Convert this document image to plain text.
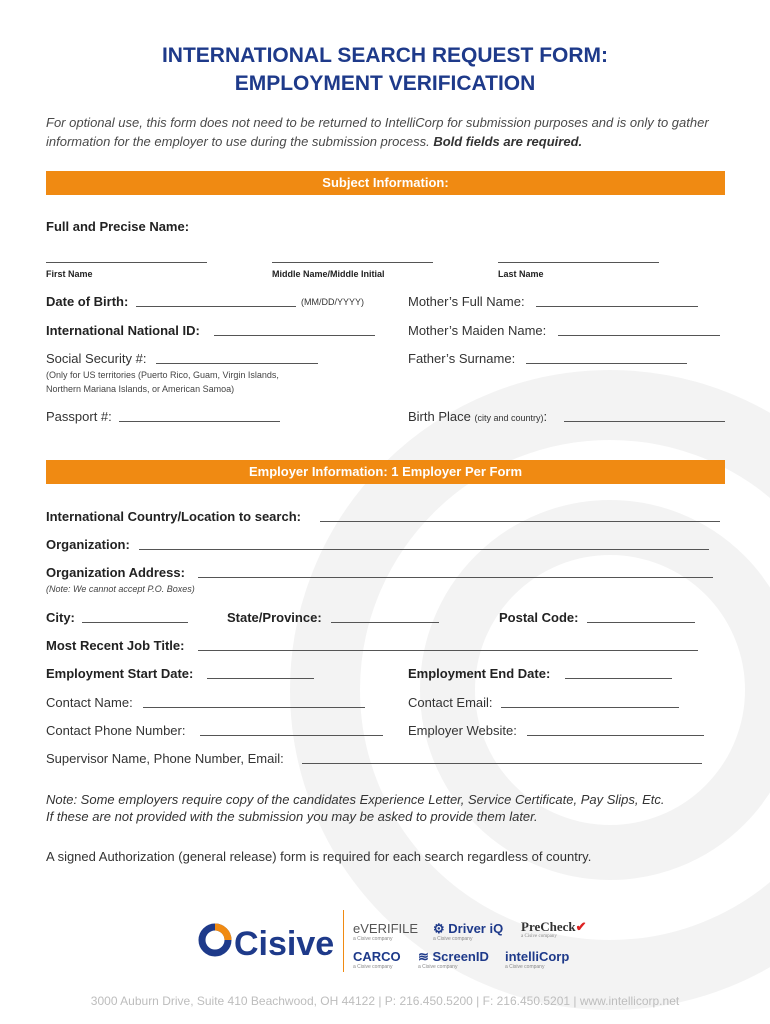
INTERNATIONAL SEARCH REQUEST FORM:
EMPLOYMENT VERIFICATION
For optional use, this form does not need to be returned to IntelliCorp for submission purposes and is only to gather information for the employer to use during the submission process. Bold fields are required.
Subject Information:
Full and Precise Name:
First Name	Middle Name/Middle Initial	Last Name
Date of Birth:	(MM/DD/YYYY)	Mother’s Full Name:
International National ID:	Mother’s Maiden Name:
Social Security #:	Father’s Surname:
(Only for US territories (Puerto Rico, Guam, Virgin Islands,
Northern Mariana Islands, or American Samoa)
Passport #:	Birth Place (city and country):
Employer Information: 1 Employer Per Form
International Country/Location to search:
Organization:
Organization Address:
(Note: We cannot accept P.O. Boxes)
City:	State/Province:	Postal Code:
Most Recent Job Title:
Employment Start Date:	Employment End Date:
Contact Name:	Contact Email:
Contact Phone Number:	Employer Website:
Supervisor Name, Phone Number, Email:
Note: Some employers require copy of the candidates Experience Letter, Service Certificate, Pay Slips, Etc.
If these are not provided with the submission you may be asked to provide them later.
A signed Authorization (general release) form is required for each search regardless of country.
Cisive eVERIFILE
a Cisive company
⚙ Driver iQ
a Cisive company
PreCheck✔
a Cisive company
CARCO
a Cisive company
≋ ScreenID
a Cisive company
intelliCorp
a Cisive company
3000 Auburn Drive, Suite 410 Beachwood, OH 44122 | P: 216.450.5200 | F: 216.450.5201 | www.intellicorp.net
